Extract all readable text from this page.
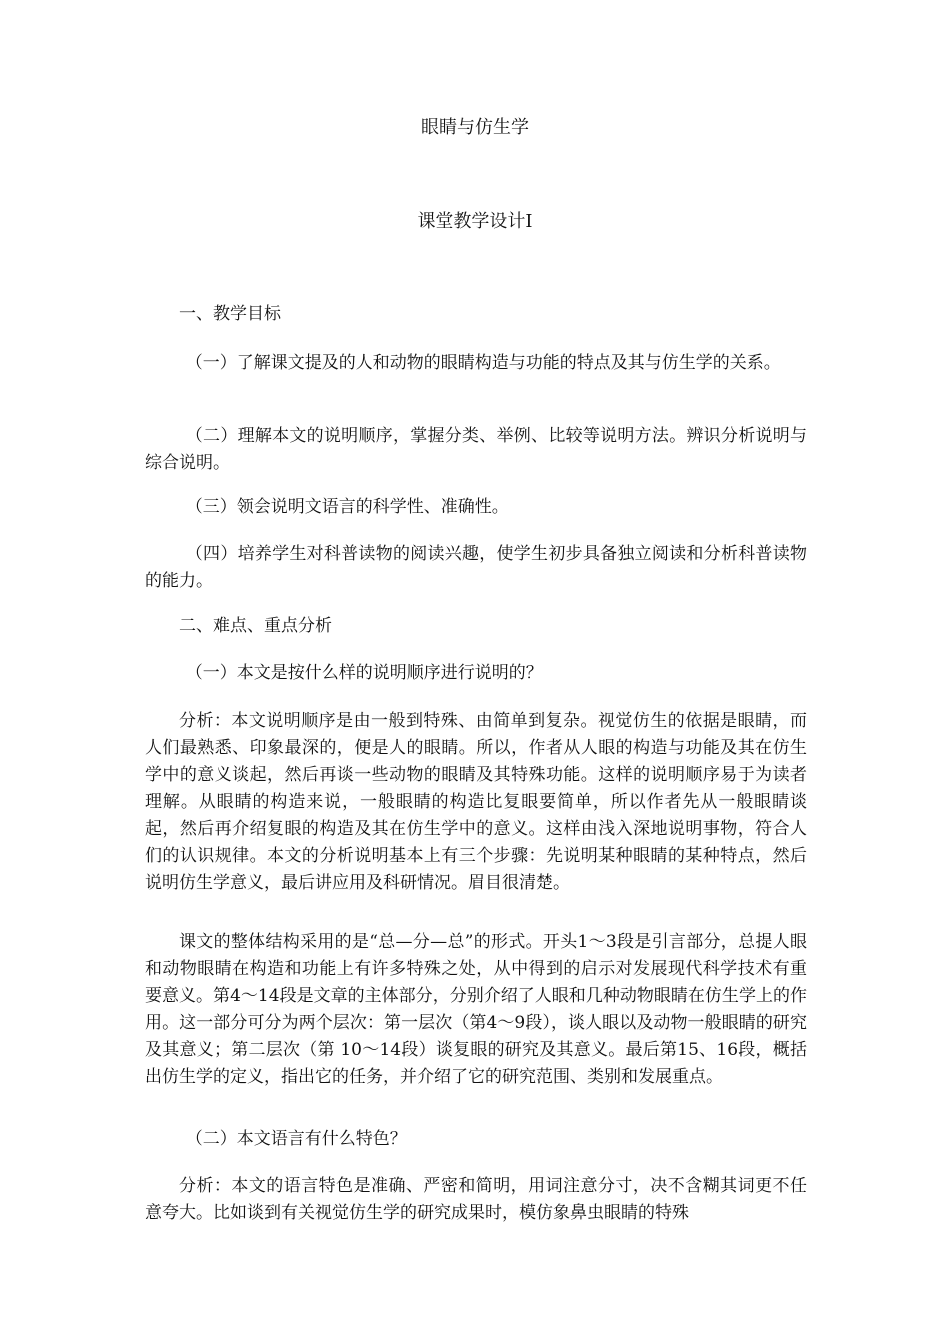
眼睛与仿生学
课堂教学设计Ⅰ

一、教学目标

（一）了解课文提及的人和动物的眼睛构造与功能的特点及其与仿生学的关系。

（二）理解本文的说明顺序，掌握分类、举例、比较等说明方法。辨识分析说明与综合说明。

（三）领会说明文语言的科学性、准确性。

（四）培养学生对科普读物的阅读兴趣，使学生初步具备独立阅读和分析科普读物的能力。

二、难点、重点分析

（一）本文是按什么样的说明顺序进行说明的？

分析：本文说明顺序是由一般到特殊、由简单到复杂。视觉仿生的依据是眼睛，而人们最熟悉、印象最深的，便是人的眼睛。所以，作者从人眼的构造与功能及其在仿生学中的意义谈起，然后再谈一些动物的眼睛及其特殊功能。这样的说明顺序易于为读者理解。从眼睛的构造来说，一般眼睛的构造比复眼要简单，所以作者先从一般眼睛谈起，然后再介绍复眼的构造及其在仿生学中的意义。这样由浅入深地说明事物，符合人们的认识规律。本文的分析说明基本上有三个步骤：先说明某种眼睛的某种特点，然后说明仿生学意义，最后讲应用及科研情况。眉目很清楚。

课文的整体结构采用的是“总—分—总”的形式。开头1～3段是引言部分，总提人眼和动物眼睛在构造和功能上有许多特殊之处，从中得到的启示对发展现代科学技术有重要意义。第4～14段是文章的主体部分，分别介绍了人眼和几种动物眼睛在仿生学上的作用。这一部分可分为两个层次：第一层次（第4～9段），谈人眼以及动物一般眼睛的研究及其意义；第二层次（第 10～14段）谈复眼的研究及其意义。最后第15、16段，概括出仿生学的定义，指出它的任务，并介绍了它的研究范围、类别和发展重点。

（二）本文语言有什么特色？

分析：本文的语言特色是准确、严密和简明，用词注意分寸，决不含糊其词更不任意夸大。比如谈到有关视觉仿生学的研究成果时，模仿象鼻虫眼睛的特殊
